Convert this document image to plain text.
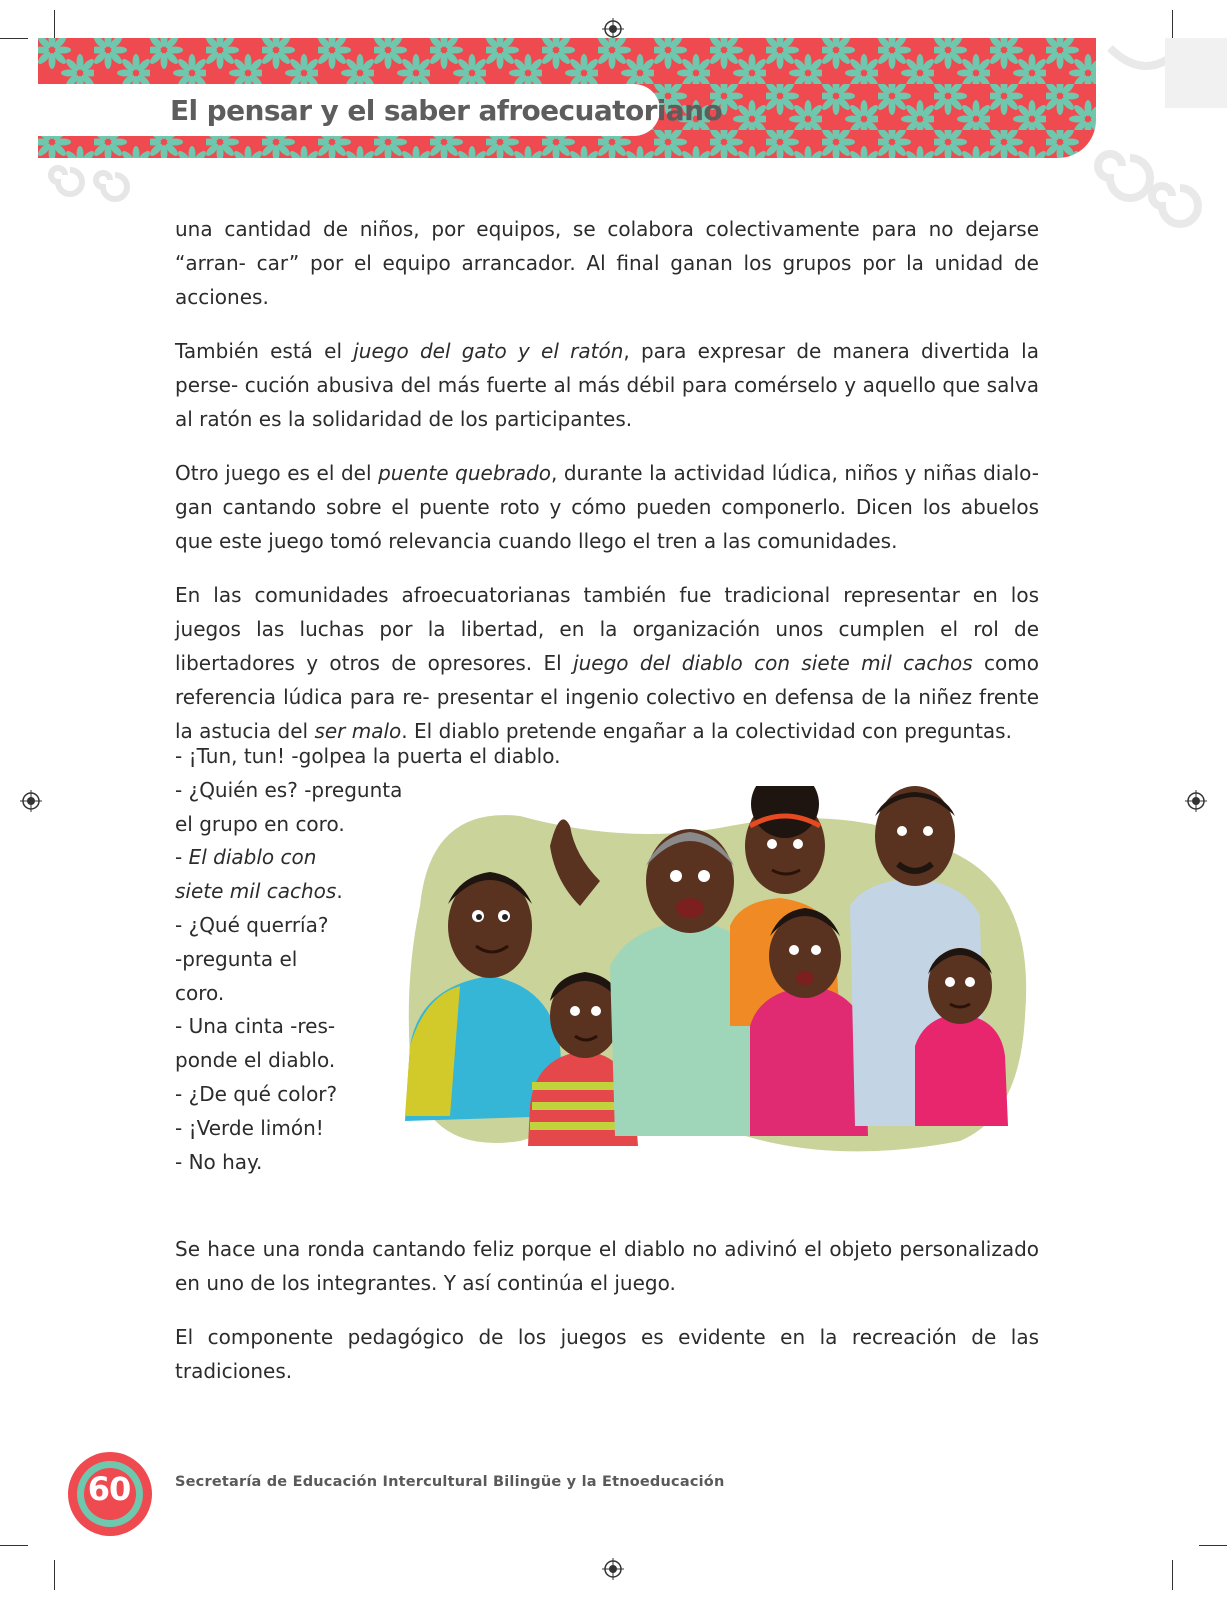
El pensar y el saber afroecuatoriano

una cantidad de niños, por equipos, se colabora colectivamente para no dejarse “arran- car” por el equipo arrancador. Al final ganan los grupos por la unidad de acciones.

También está el juego del gato y el ratón, para expresar de manera divertida la perse- cución abusiva del más fuerte al más débil para comérselo y aquello que salva al ratón es la solidaridad de los participantes.

Otro juego es el del puente quebrado, durante la actividad lúdica, niños y niñas dialo- gan cantando sobre el puente roto y cómo pueden componerlo. Dicen los abuelos que este juego tomó relevancia cuando llego el tren a las comunidades.

En las comunidades afroecuatorianas también fue tradicional representar en los juegos las luchas por la libertad, en la organización unos cumplen el rol de libertadores y otros de opresores. El juego del diablo con siete mil cachos como referencia lúdica para re- presentar el ingenio colectivo en defensa de la niñez frente la astucia del ser malo. El diablo pretende engañar a la colectividad con preguntas.

- ¡Tun, tun! -golpea la puerta el diablo.
- ¿Quién es? -pregunta
el grupo en coro.
- El diablo con
siete mil cachos.
- ¿Qué querría?
-pregunta el
coro.
- Una cinta -res-
ponde el diablo.
- ¿De qué color?
- ¡Verde limón!
- No hay.

Se hace una ronda cantando feliz porque el diablo no adivinó el objeto personalizado en uno de los integrantes. Y así continúa el juego.

El componente pedagógico de los juegos es evidente en la recreación de las tradiciones.

60	Secretaría de Educación Intercultural Bilingüe y la Etnoeducación
